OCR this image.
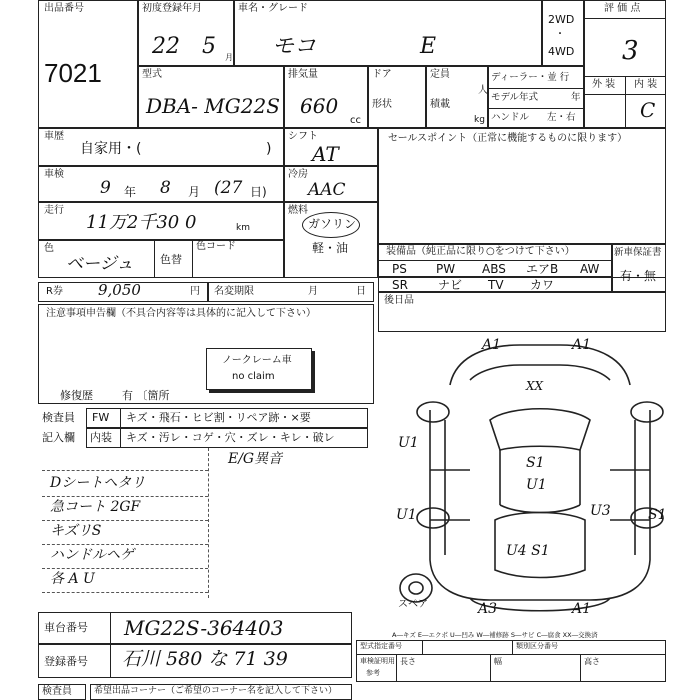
出品番号
7021
初度登録年月
22 5 月
車名・グレード
モコ	E
2WD
・
4WD
評 価 点
3
外 装 内 装
C
型式
DBA- MG22S
排気量
660
cc
ドア
形状
定員
人
積載
kg
ディーラー・並 行
モデル年式	年
ハンドル 左・右
車歴
自家用・(	)
シフト
AT
セールスポイント（正常に機能するものに限ります）
車検
9 年 8 月 (27 日)
冷房
AAC
走行
11万2千30 0	km
燃料
ガソリン
軽・油
色
ベージュ 色替
色コード	装備品（純正品に限り○をつけて下さい）
PS PW ABS エアB AW
SR	ナビ TV カワ
新車保証書
有・無
R券 9,050	円 名変期限	月	日
後日品
注意事項申告欄（不具合内容等は具体的に記入して下さい）
ノークレーム車
no claim
修復歴	有 〔箇所
検査員 FW キズ・飛石・ヒビ割・リペア跡・×要
記入欄 内装 キズ・汚レ・コゲ・穴・ズレ・キレ・破レ
E/G異音
Dシートヘタリ
急コート 2GF
キズリS
ハンドルヘゲ
各 A U
A1	A1
XX
U1
S1
U1
U1	U3	S1
U4 S1
A3	A1
スペア
車台番号 MG22S-364403
登録番号 石川 580 な 71 39
A―キズ E―エクボ U―凹み W―補修跡 S―サビ C―腐食 XX―交換済
型式指定番号	類別区分番号
車検証明用
参考
長さ	幅	高さ
検査員 希望出品コーナー（ご希望のコーナー名を記入して下さい）
